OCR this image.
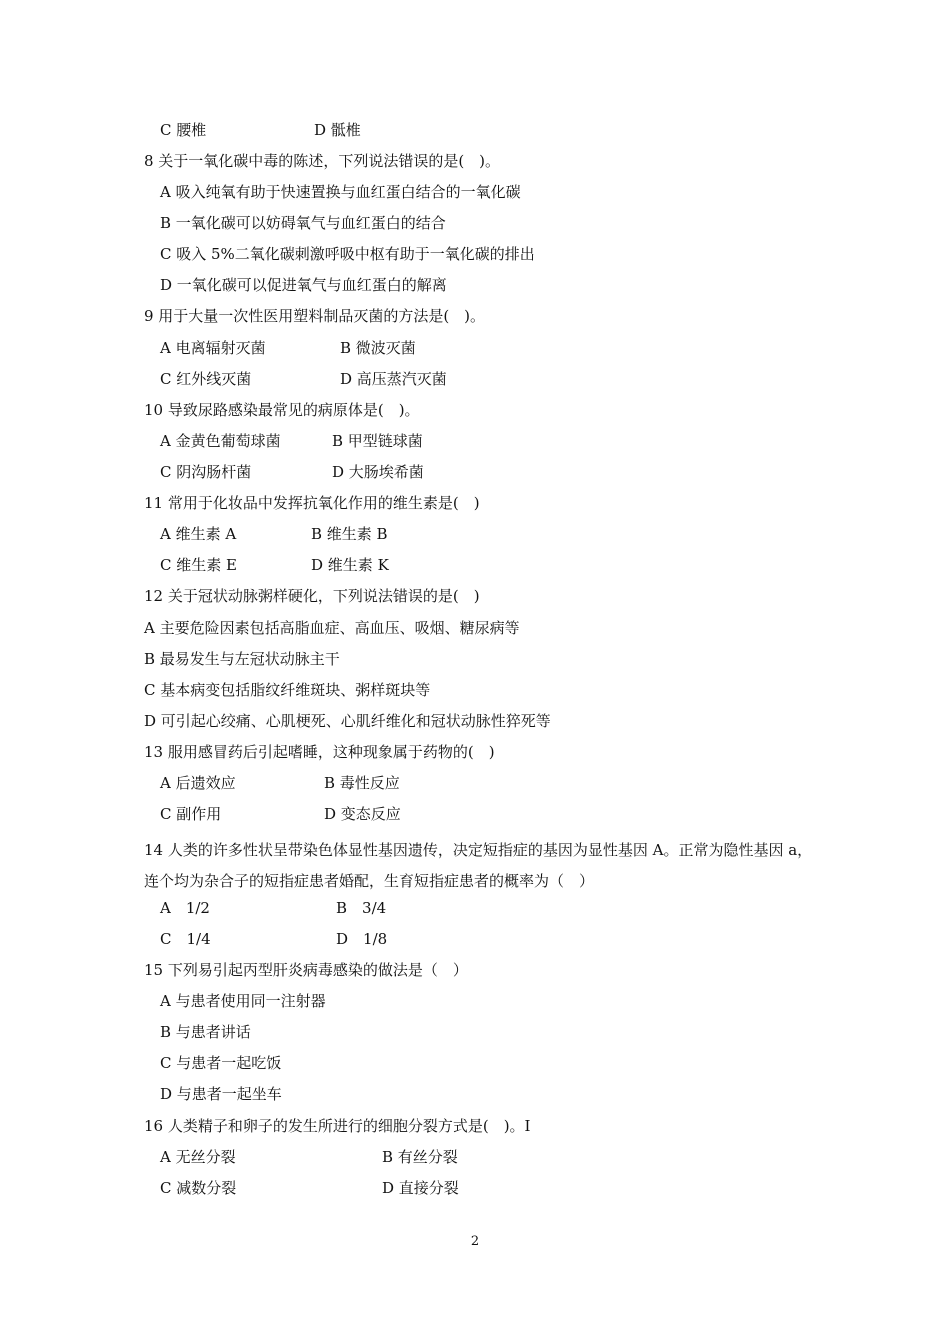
C 腰椎	D 骶椎
8 关于一氧化碳中毒的陈述，下列说法错误的是(　)。
A 吸入纯氧有助于快速置换与血红蛋白结合的一氧化碳
B 一氧化碳可以妨碍氧气与血红蛋白的结合
C 吸入 5%二氧化碳刺激呼吸中枢有助于一氧化碳的排出
D 一氧化碳可以促进氧气与血红蛋白的解离
9 用于大量一次性医用塑料制品灭菌的方法是(　)。
A 电离辐射灭菌	B 微波灭菌
C 红外线灭菌	D 高压蒸汽灭菌
10 导致尿路感染最常见的病原体是(　)。
A 金黄色葡萄球菌	B 甲型链球菌
C 阴沟肠杆菌	D 大肠埃希菌
11 常用于化妆品中发挥抗氧化作用的维生素是(　)
A 维生素 A	B 维生素 B
C 维生素 E	D 维生素 K
12 关于冠状动脉粥样硬化，下列说法错误的是(　)
A 主要危险因素包括高脂血症、高血压、吸烟、糖尿病等
B 最易发生与左冠状动脉主干
C 基本病变包括脂纹纤维斑块、粥样斑块等
D 可引起心绞痛、心肌梗死、心肌纤维化和冠状动脉性猝死等
13 服用感冒药后引起嗜睡，这种现象属于药物的(　)
A 后遗效应	B 毒性反应
C 副作用	D 变态反应
14 人类的许多性状呈带染色体显性基因遗传，决定短指症的基因为显性基因 A。正常为隐性基因 a，连个均为杂合子的短指症患者婚配，生育短指症患者的概率为（　）
A　1/2	B　3/4
C　1/4	D　1/8
15 下列易引起丙型肝炎病毒感染的做法是（　）
A 与患者使用同一注射器
B 与患者讲话
C 与患者一起吃饭
D 与患者一起坐车
16 人类精子和卵子的发生所进行的细胞分裂方式是(　)。I
A 无丝分裂	B 有丝分裂
C 减数分裂	D 直接分裂
2
